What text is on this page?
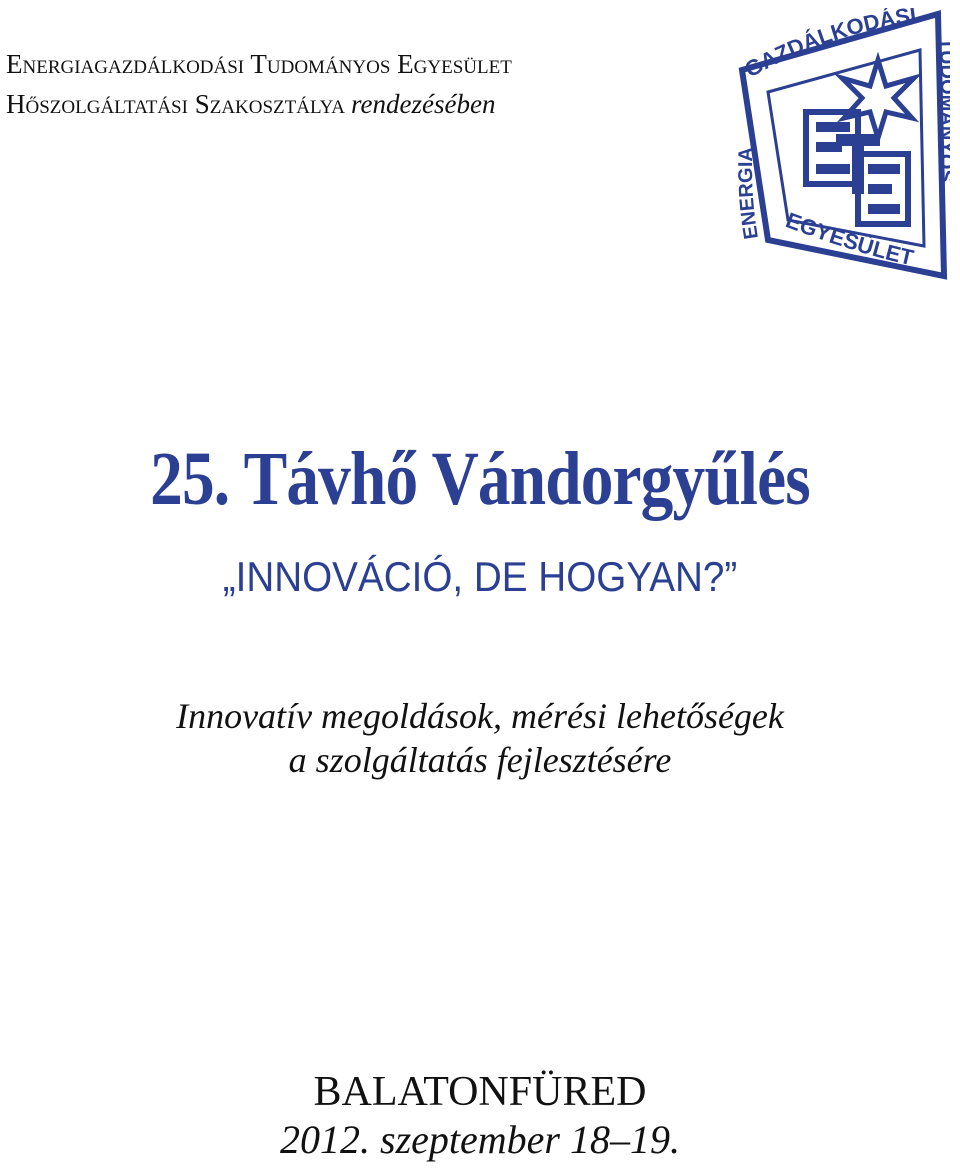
Energiagazdálkodási Tudományos Egyesület
Hőszolgáltatási Szakosztálya rendezésében
GAZDÁLKODÁSI
ENERGIA
EGYESÜLET
25. Távhő Vándorgyűlés
„INNOVÁCIÓ, DE HOGYAN?”
Innovatív megoldások, mérési lehetőségek
a szolgáltatás fejlesztésére
BALATONFÜRED
2012. szeptember 18–19.
